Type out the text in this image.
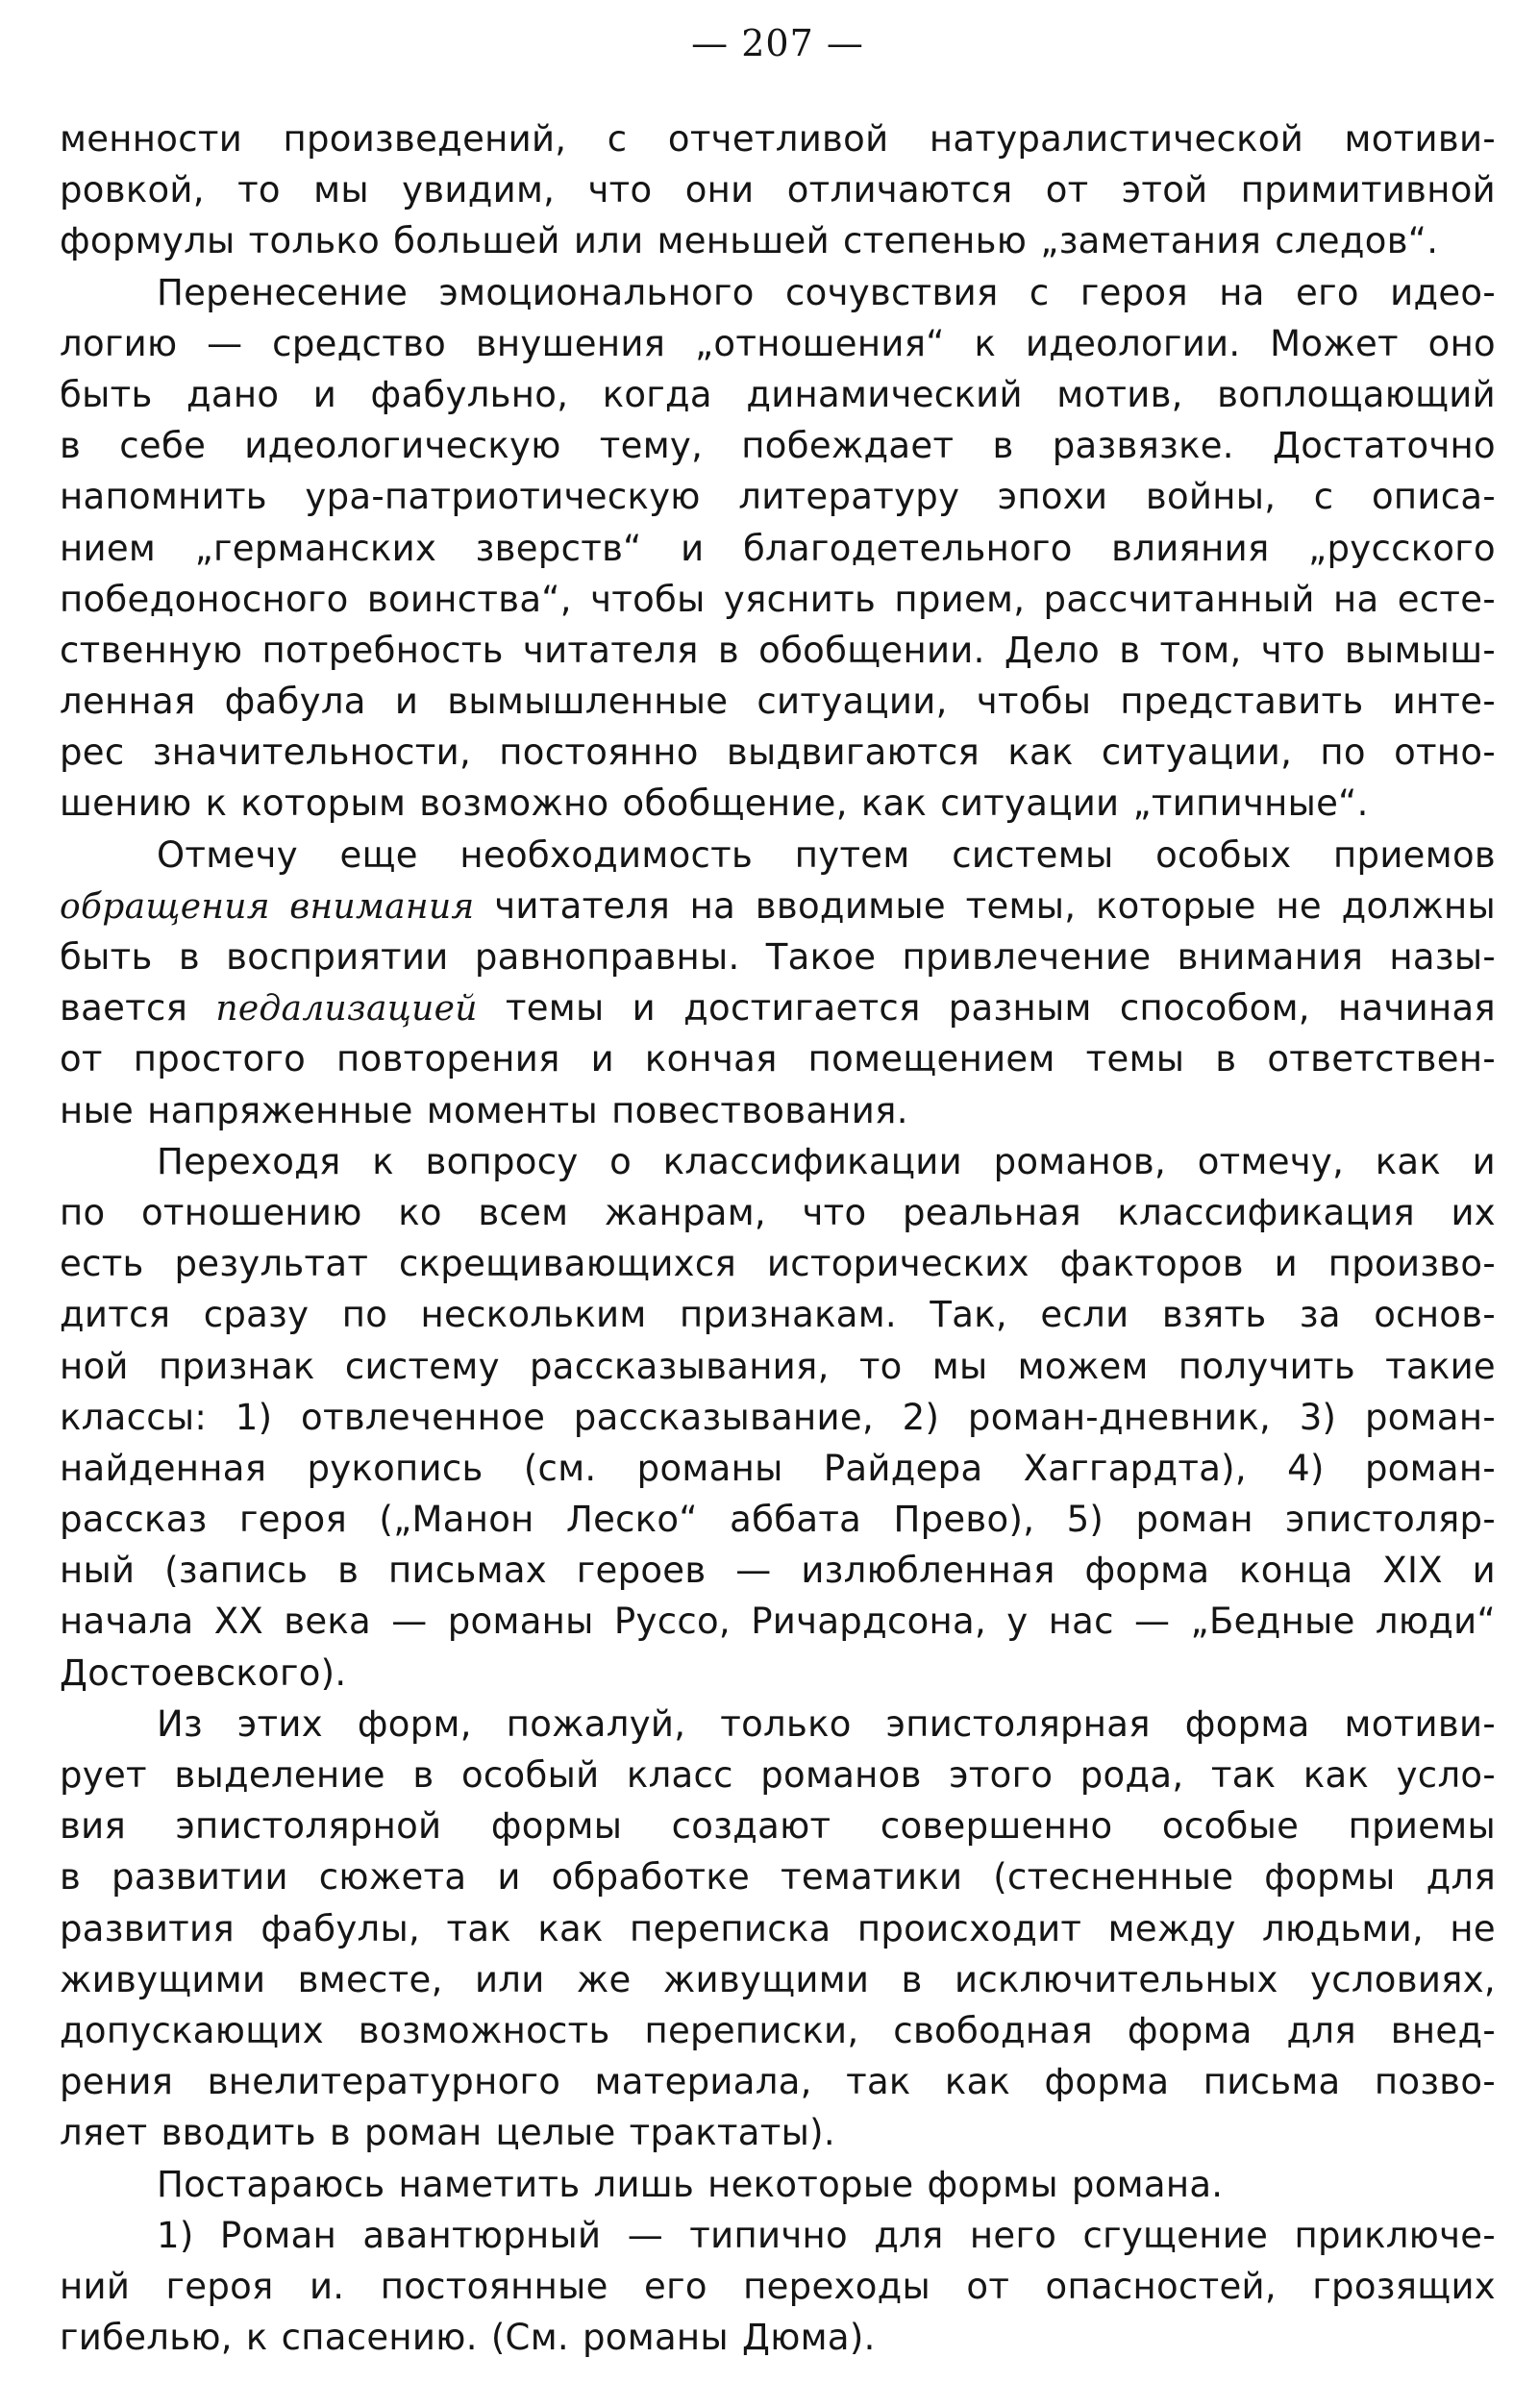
— 207 —
менности произведений, с отчетливой натуралистической мотиви-
ровкой, то мы увидим, что они отличаются от этой примитивной
формулы только большей или меньшей степенью „заметания следов“.
Перенесение эмоционального сочувствия с героя на его идео-
логию — средство внушения „отношения“ к идеологии. Может оно
быть дано и фабульно, когда динамический мотив, воплощающий
в себе идеологическую тему, побеждает в развязке. Достаточно
напомнить ура-патриотическую литературу эпохи войны, с описа-
нием „германских зверств“ и благодетельного влияния „русского
победоносного воинства“, чтобы уяснить прием, рассчитанный на есте-
ственную потребность читателя в обобщении. Дело в том, что вымыш-
ленная фабула и вымышленные ситуации, чтобы представить инте-
рес значительности, постоянно выдвигаются как ситуации, по отно-
шению к которым возможно обобщение, как ситуации „типичные“.
Отмечу еще необходимость путем системы особых приемов
обращения внимания читателя на вводимые темы, которые не должны
быть в восприятии равноправны. Такое привлечение внимания назы-
вается педализацией темы и достигается разным способом, начиная
от простого повторения и кончая помещением темы в ответствен-
ные напряженные моменты повествования.
Переходя к вопросу о классификации романов, отмечу, как и
по отношению ко всем жанрам, что реальная классификация их
есть результат скрещивающихся исторических факторов и произво-
дится сразу по нескольким признакам. Так, если взять за основ-
ной признак систему рассказывания, то мы можем получить такие
классы: 1) отвлеченное рассказывание, 2) роман-дневник, 3) роман-
найденная рукопись (см. романы Райдера Хаггардта), 4) роман-
рассказ героя („Манон Леско“ аббата Прево), 5) роман эпистоляр-
ный (запись в письмах героев — излюбленная форма конца XIX и
начала XX века — романы Руссо, Ричардсона, у нас — „Бедные люди“
Достоевского).
Из этих форм, пожалуй, только эпистолярная форма мотиви-
рует выделение в особый класс романов этого рода, так как усло-
вия эпистолярной формы создают совершенно особые приемы
в развитии сюжета и обработке тематики (стесненные формы для
развития фабулы, так как переписка происходит между людьми, не
живущими вместе, или же живущими в исключительных условиях,
допускающих возможность переписки, свободная форма для внед-
рения внелитературного материала, так как форма письма позво-
ляет вводить в роман целые трактаты).
Постараюсь наметить лишь некоторые формы романа.
1) Роман авантюрный — типично для него сгущение приключе-
ний героя и. постоянные его переходы от опасностей, грозящих
гибелью, к спасению. (См. романы Дюма).
